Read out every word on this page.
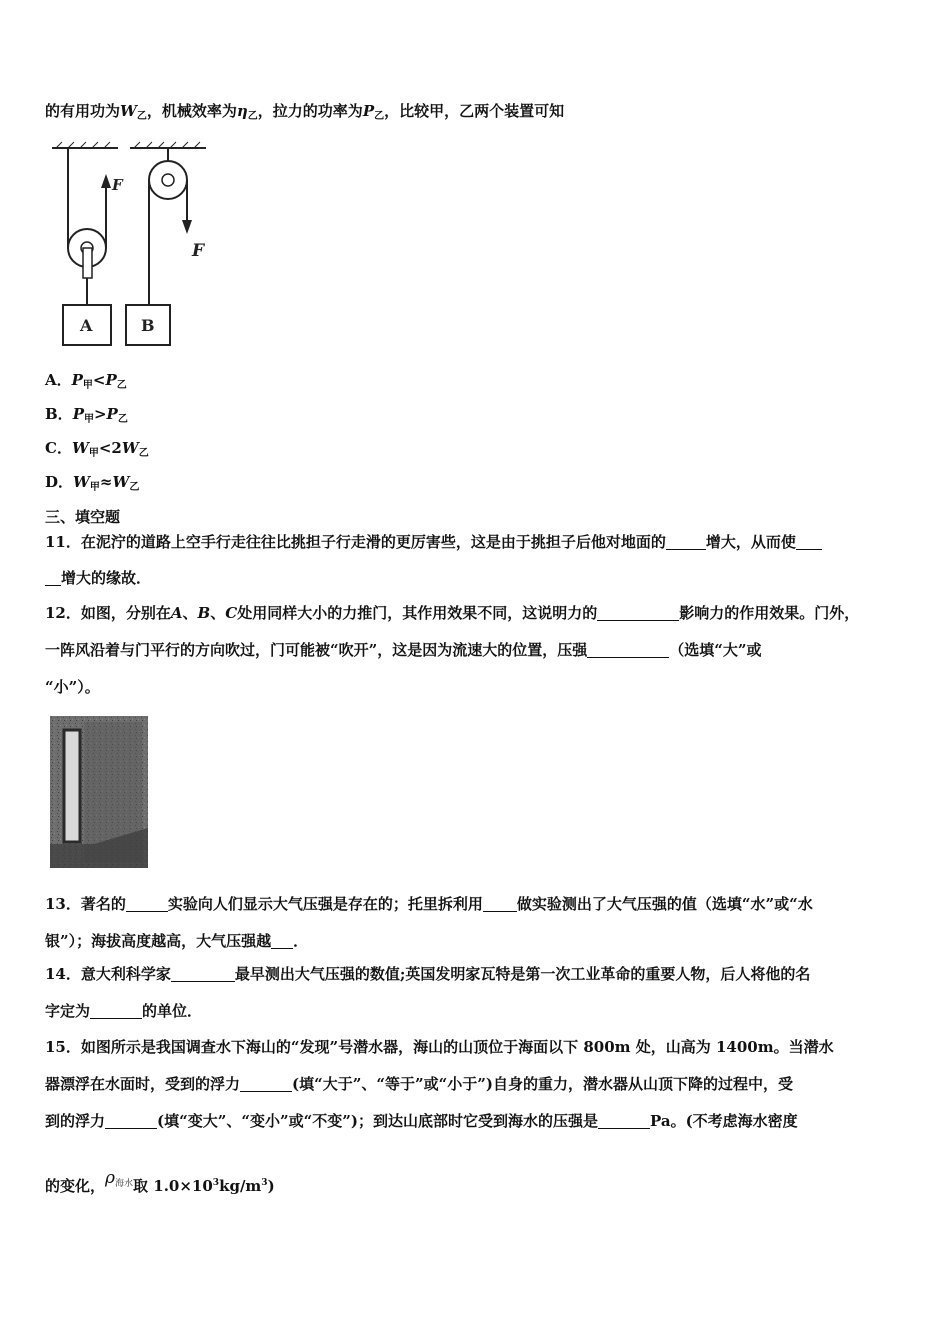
的有用功为$W_乙$，机械效率为$\eta_乙$，拉力的功率为$P_乙$，比较甲，乙两个装置可知
F
A
F
B
A．$P_甲<P_乙$
B．$P_甲>P_乙$
C．$W_甲<2W_乙$
D．$W_甲\approx W_乙$
三、填空题
11．在泥泞的道路上空手行走往往比挑担子行走滑的更厉害些，这是由于挑担子后他对地面的	增大，从而使
增大的缘故．
12．如图，分别在A、B、C处用同样大小的力推门，其作用效果不同，这说明力的	影响力的作用效果。门外，
一阵风沿着与门平行的方向吹过，门可能被“吹开”，这是因为流速大的位置，压强	（选填“大”或
“小”）。
13．著名的	实验向人们显示大气压强是存在的；托里拆利用 做实验测出了大气压强的值（选填“水”或“水
银”）；海拔高度越高，大气压强越 ．
14．意大利科学家	最早测出大气压强的数值;英国发明家瓦特是第一次工业革命的重要人物，后人将他的名
字定为	的单位．
15．如图所示是我国调查水下海山的“发现”号潜水器，海山的山顶位于海面以下 800m 处，山高为 1400m。当潜水
器漂浮在水面时，受到的浮力	(填“大于”、“等于”或“小于”)自身的重力，潜水器从山顶下降的过程中，受
到的浮力	(填“变大”、“变小”或“不变”)；到达山底部时它受到海水的压强是	Pa。(不考虑海水密度
的变化，$\rho_{海水}$取 $1.0\times 10^3kg/m^3$)
